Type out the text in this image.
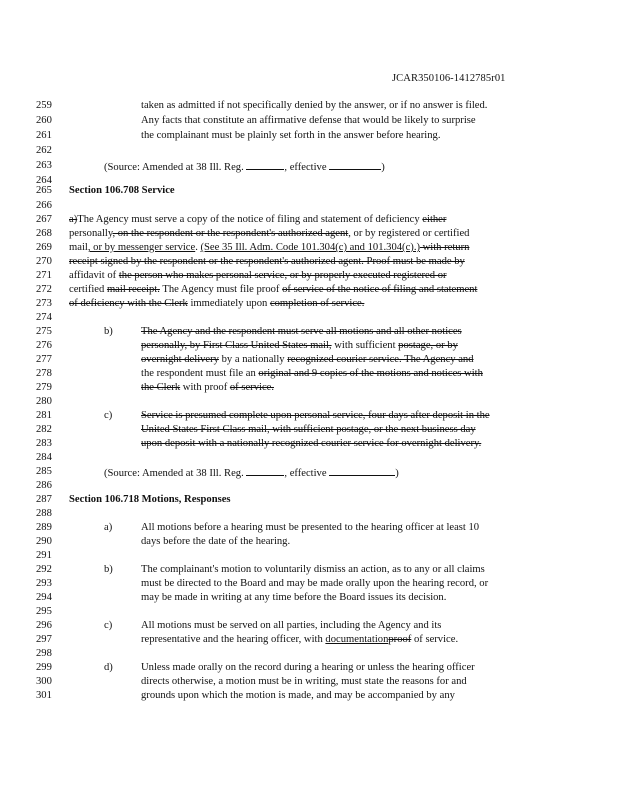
JCAR350106-1412785r01
259	taken as admitted if not specifically denied by the answer, or if no answer is filed.
260	Any facts that constitute an affirmative defense that would be likely to surprise
261	the complainant must be plainly set forth in the answer before hearing.
262
263	(Source: Amended at 38 Ill. Reg.	, effective	)
264
265	Section 106.708 Service
266
267	a)The Agency must serve a copy of the notice of filing and statement of deficiency either
268	personally, on the respondent or the respondent's authorized agent, or by registered or certified
269	mail, or by messenger service. (See 35 Ill. Adm. Code 101.304(c) and 101.304(c).) with return
270	receipt signed by the respondent or the respondent's authorized agent. Proof must be made by
271	affidavit of the person who makes personal service, or by properly executed registered or
272	certified mail receipt. The Agency must file proof of service of the notice of filing and statement
273	of deficiency with the Clerk immediately upon completion of service.
274
275	b)	The Agency and the respondent must serve all motions and all other notices
276	personally, by First Class United States mail, with sufficient postage, or by
277	overnight delivery by a nationally recognized courier service. The Agency and
278	the respondent must file an original and 9 copies of the motions and notices with
279	the Clerk with proof of service.
280
281	c)	Service is presumed complete upon personal service, four days after deposit in the
282	United States First Class mail, with sufficient postage, or the next business day
283	upon deposit with a nationally recognized courier service for overnight delivery.
284
285	(Source: Amended at 38 Ill. Reg.	, effective	)
286
287	Section 106.718 Motions, Responses
288
289	a)	All motions before a hearing must be presented to the hearing officer at least 10
290	days before the date of the hearing.
291
292	b)	The complainant's motion to voluntarily dismiss an action, as to any or all claims
293	must be directed to the Board and may be made orally upon the hearing record, or
294	may be made in writing at any time before the Board issues its decision.
295
296	c)	All motions must be served on all parties, including the Agency and its
297	representative and the hearing officer, with documentationproof of service.
298
299	d)	Unless made orally on the record during a hearing or unless the hearing officer
300	directs otherwise, a motion must be in writing, must state the reasons for and
301	grounds upon which the motion is made, and may be accompanied by any
